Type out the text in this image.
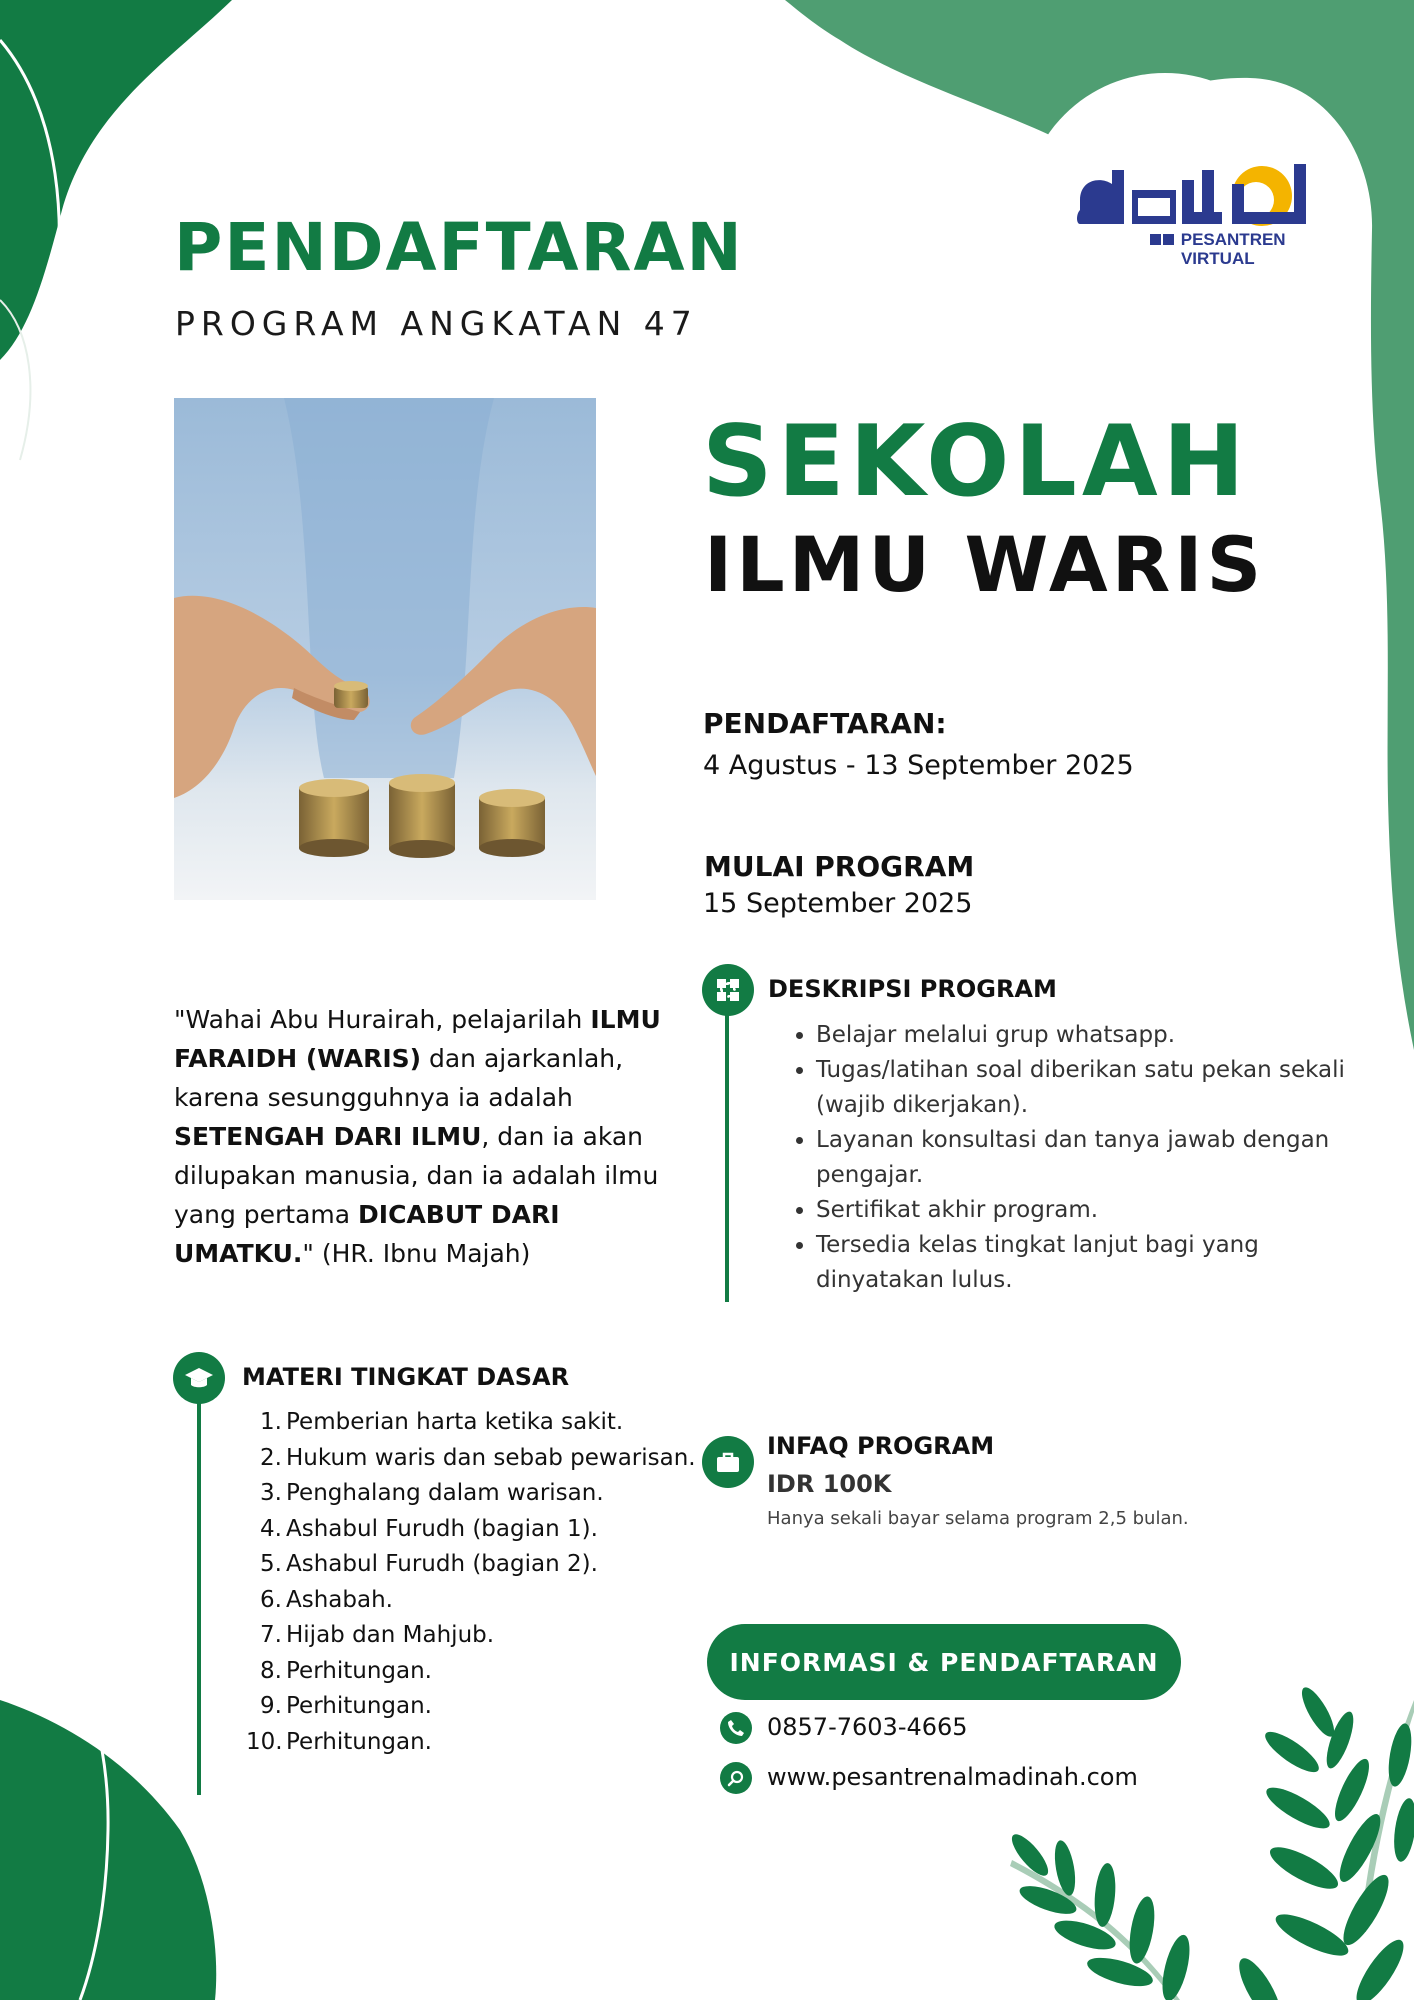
PESANTREN
VIRTUAL
PENDAFTARAN

PROGRAM ANGKATAN 47

SEKOLAH
ILMU WARIS

PENDAFTARAN:

4 Agustus - 13 September 2025

MULAI PROGRAM

15 September 2025

"Wahai Abu Hurairah, pelajarilah ILMU FARAIDH (WARIS) dan ajarkanlah, karena sesungguhnya ia adalah SETENGAH DARI ILMU, dan ia akan dilupakan manusia, dan ia adalah ilmu yang pertama DICABUT DARI UMATKU." (HR. Ibnu Majah)

DESKRIPSI PROGRAM

• Belajar melalui grup whatsapp.
• Tugas/latihan soal diberikan satu pekan sekali (wajib dikerjakan).
• Layanan konsultasi dan tanya jawab dengan pengajar.
• Sertifikat akhir program.
• Tersedia kelas tingkat lanjut bagi yang dinyatakan lulus.

MATERI TINGKAT DASAR

1. Pemberian harta ketika sakit.
2. Hukum waris dan sebab pewarisan.
3. Penghalang dalam warisan.
4. Ashabul Furudh (bagian 1).
5. Ashabul Furudh (bagian 2).
6. Ashabah.
7. Hijab dan Mahjub.
8. Perhitungan.
9. Perhitungan.
10. Perhitungan.

INFAQ PROGRAM

IDR 100K

Hanya sekali bayar selama program 2,5 bulan.

INFORMASI & PENDAFTARAN

0857-7603-4665

www.pesantrenalmadinah.com
